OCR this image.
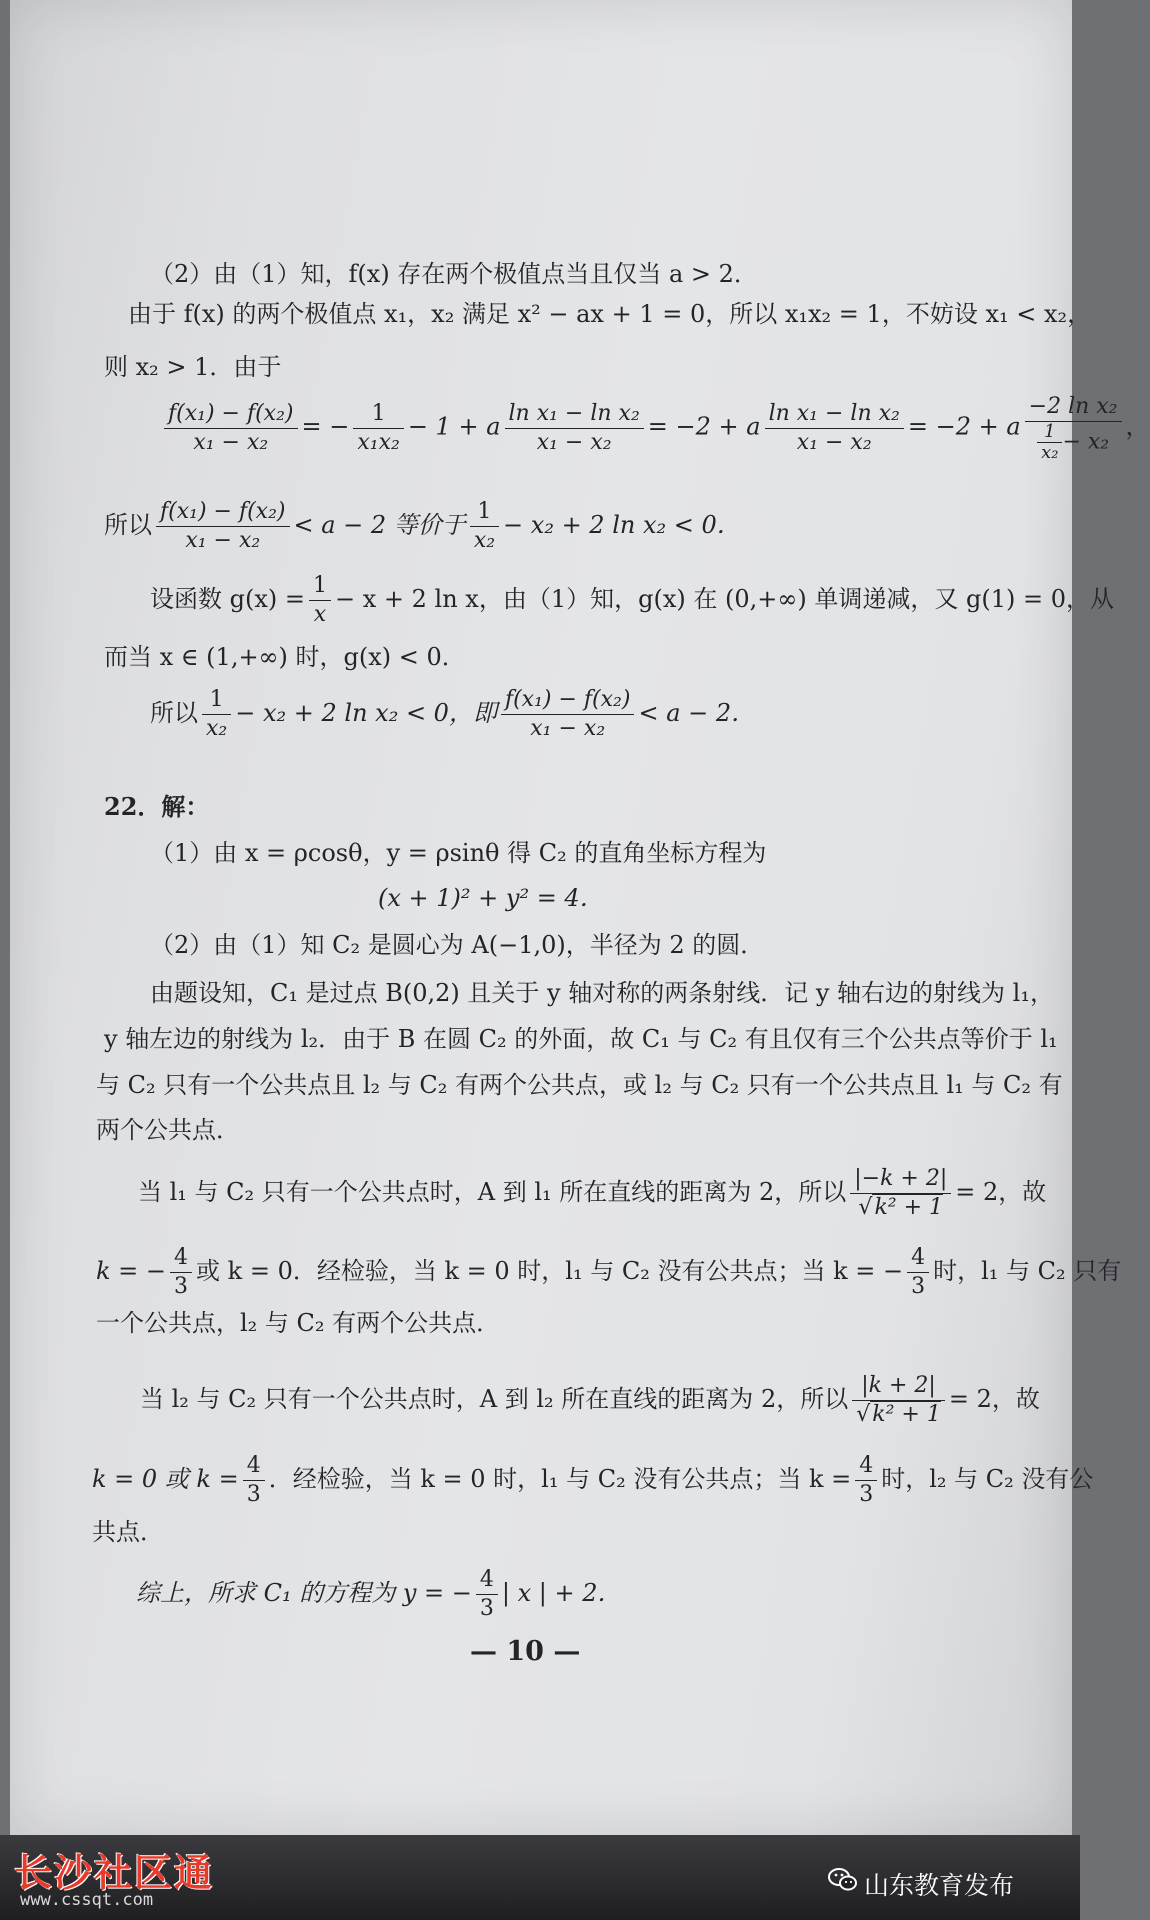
（2）由（1）知，f(x) 存在两个极值点当且仅当 a > 2．
由于 f(x) 的两个极值点 x₁，x₂ 满足 x² − ax + 1 = 0，所以 x₁x₂ = 1，不妨设 x₁ < x₂，
则 x₂ > 1．由于
$\frac{\text{f(x₁) − f(x₂)}}{\text{x₁ − x₂}}$ = − $\frac{1}{\text{x₁x₂}} - 1 + a \frac{\text{ln x₁ − ln x₂}}{\text{x₁ − x₂}} = -2 + a \frac{\text{ln x₁ − ln x₂}}{\text{x₁ − x₂}} = -2 + a \frac{\text{−2 ln x₂}}{\frac{1}{\text{x₂}} - x_2}$ ，
所以 $\frac{\text{f(x₁) − f(x₂)}}{\text{x₁ − x₂}} < a - 2$ 等价于 $\frac{1}{\text{x₂}} - x_2 + 2$ ln x₂ < 0．
设函数 $g(x) = \frac{1}{x} - x + 2$ ln x，由（1）知，g(x) 在 (0,+∞) 单调递减，又 g(1) = 0，从
而当 x ∈ (1,+∞) 时，g(x) < 0．
所以 $\frac{1}{\text{x₂}} - x_2 + 2$ ln x₂ < 0，即 $\frac{\text{f(x₁) − f(x₂)}}{\text{x₁ − x₂}} < a - 2$．
22．解：
（1）由 x = ρcosθ，y = ρsinθ 得 C₂ 的直角坐标方程为
(x + 1)² + y² = 4．
（2）由（1）知 C₂ 是圆心为 A(−1,0)，半径为 2 的圆．
由题设知，C₁ 是过点 B(0,2) 且关于 y 轴对称的两条射线．记 y 轴右边的射线为 l₁，
y 轴左边的射线为 l₂．由于 B 在圆 C₂ 的外面，故 C₁ 与 C₂ 有且仅有三个公共点等价于 l₁
与 C₂ 只有一个公共点且 l₂ 与 C₂ 有两个公共点，或 l₂ 与 C₂ 只有一个公共点且 l₁ 与 C₂ 有
两个公共点．
当 l₁ 与 C₂ 只有一个公共点时，A 到 l₁ 所在直线的距离为 2，所以 $\frac{|-k + 2|}{\text{√k² + 1}} = 2$，故
k = − $\frac{4}{3}$ 或 k = 0．经检验，当 k = 0 时，l₁ 与 C₂ 没有公共点；当 k = − $\frac{4}{3}$ 时，l₁ 与 C₂ 只有
一个公共点，l₂ 与 C₂ 有两个公共点．
当 l₂ 与 C₂ 只有一个公共点时，A 到 l₂ 所在直线的距离为 2，所以 $\frac{|k + 2|}{\text{√k² + 1}} = 2$，故
k = 0 或 $k = \frac{4}{3}$ ．经检验，当 k = 0 时，l₁ 与 C₂ 没有公共点；当 $k = \frac{4}{3}$ 时，l₂ 与 C₂ 没有公
共点．
综上，所求 C₁ 的方程为 y = − $\frac{4}{3}$ | x | + 2．
— 10 —
长沙社区通
www.cssqt.com	山东教育发布
